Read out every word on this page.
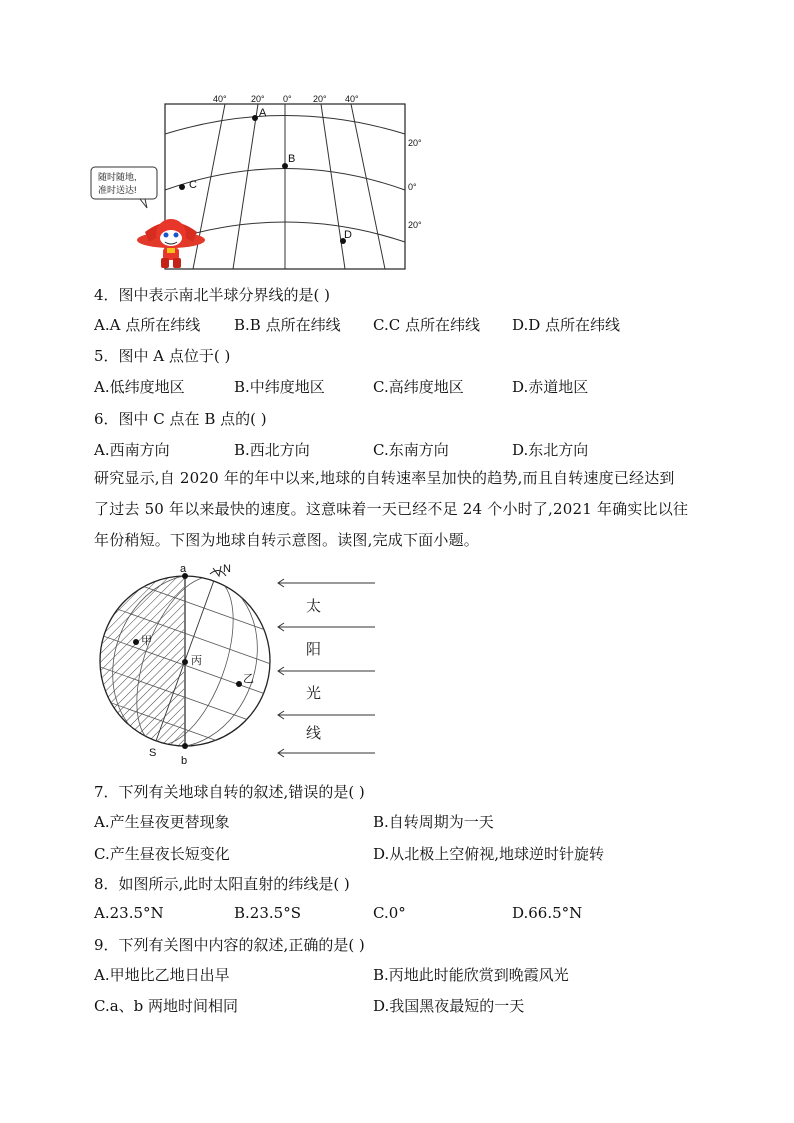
A
B
C
D
40°	20° 0° 20° 40°
20°
0°
20°
随时随地,
准时送达!
4．图中表示南北半球分界线的是( )
A.A 点所在纬线 B.B 点所在纬线 C.C 点所在纬线 D.D 点所在纬线
5．图中 A 点位于( )
A.低纬度地区	B.中纬度地区	C.高纬度地区	D.赤道地区
6．图中 C 点在 B 点的( )
A.西南方向	B.西北方向	C.东南方向	D.东北方向
研究显示,自 2020 年的年中以来,地球的自转速率呈加快的趋势,而且自转速度已经达到
了过去 50 年以来最快的速度。这意味着一天已经不足 24 个小时了,2021 年确实比以往
年份稍短。下图为地球自转示意图。读图,完成下面小题。
a
b
N
S
甲
丙
乙
太
阳
光
线
7．下列有关地球自转的叙述,错误的是( )
A.产生昼夜更替现象	B.自转周期为一天
C.产生昼夜长短变化	D.从北极上空俯视,地球逆时针旋转
8．如图所示,此时太阳直射的纬线是( )
A.23.5°N	B.23.5°S	C.0°	D.66.5°N
9．下列有关图中内容的叙述,正确的是( )
A.甲地比乙地日出早	B.丙地此时能欣赏到晚霞风光
C.a、b 两地时间相同	D.我国黑夜最短的一天
